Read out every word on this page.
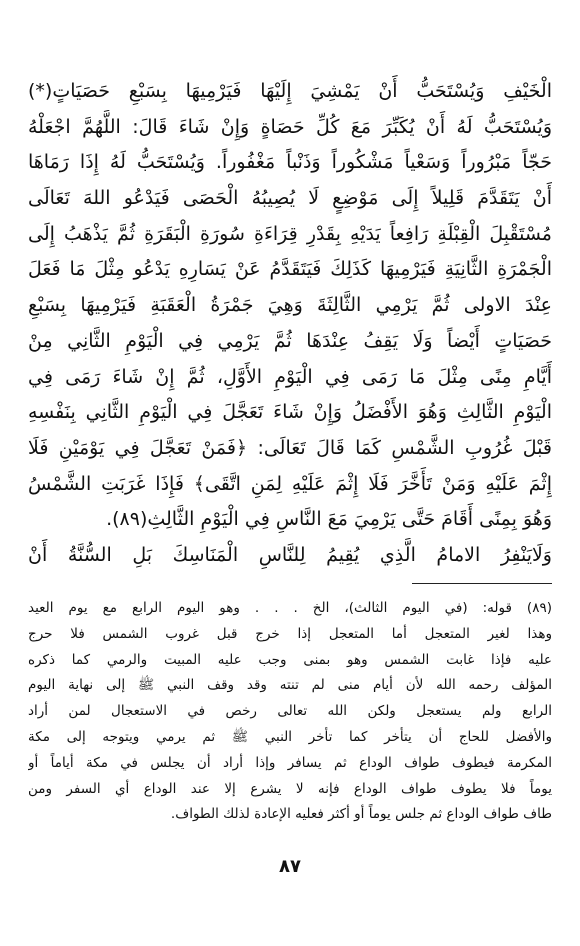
الْخَيْفِ وَيُسْتَحَبُّ أَنْ يَمْشِيَ إِلَيْهَا فَيَرْمِيهَا بِسَبْعِ حَصَيَاتٍ(*)
وَيُسْتَحَبُّ لَهُ أَنْ يُكَبِّرَ مَعَ كُلِّ حَصَاةٍ وَإِنْ شَاءَ قَالَ: اللَّهُمَّ اجْعَلْهُ
حَجّاً مَبْرُوراً وَسَعْياً مَشْكُوراً وَذَنْباً مَغْفُوراً. وَيُسْتَحَبُّ لَهُ إِذَا رَمَاهَا
أَنْ يَتَقَدَّمَ قَلِيلاً إِلَى مَوْضِعٍ لَا يُصِيبُهُ الْحَصَى فَيَدْعُو اللهَ تَعَالَى
مُسْتَقْبِلَ الْقِبْلَةِ رَافِعاً يَدَيْهِ بِقَدْرِ قِرَاءَةِ سُورَةِ الْبَقَرَةِ ثُمَّ يَذْهَبُ إِلَى
الْجَمْرَةِ الثَّانِيَةِ فَيَرْمِيهَا كَذَلِكَ فَيَتَقَدَّمُ عَنْ يَسَارِهِ يَدْعُو مِثْلَ مَا فَعَلَ
عِنْدَ الاولى ثُمَّ يَرْمِي الثَّالِثَةَ وَهِيَ جَمْرَةُ الْعَقَبَةِ فَيَرْمِيهَا بِسَبْعِ
حَصَيَاتٍ أَيْضاً وَلَا يَقِفُ عِنْدَهَا ثُمَّ يَرْمِي فِي الْيَوْمِ الثَّانِي مِنْ
أَيَّامِ مِنًى مِثْلَ مَا رَمَى فِي الْيَوْمِ الأَوَّلِ، ثُمَّ إِنْ شَاءَ رَمَى فِي
الْيَوْمِ الثَّالِثِ وَهُوَ الأَفْضَلُ وَإِنْ شَاءَ تَعَجَّلَ فِي الْيَوْمِ الثَّانِي بِنَفْسِهِ
قَبْلَ غُرُوبِ الشَّمْسِ كَمَا قَالَ تَعَالَى: ﴿فَمَنْ تَعَجَّلَ فِي يَوْمَيْنِ فَلَا
إِثْمَ عَلَيْهِ وَمَنْ تَأَخَّرَ فَلَا إِثْمَ عَلَيْهِ لِمَنِ اتَّقَى﴾ فَإِذَا غَرَبَتِ الشَّمْسُ
وَهُوَ بِمِنًى أَقَامَ حَتَّى يَرْمِيَ مَعَ النَّاسِ فِي الْيَوْمِ الثَّالِثِ(٨٩).
وَلَايَنْفِرُ الامامُ الَّذِي يُقِيمُ لِلنَّاسِ الْمَنَاسِكَ بَلِ السُّنَّةُ أَنْ
(٨٩) قوله: (في اليوم الثالث)، الخ . . . وهو اليوم الرابع مع يوم العيد
وهذا لغير المتعجل أما المتعجل إذا خرج قبل غروب الشمس فلا حرج
عليه فإذا غابت الشمس وهو بمنى وجب عليه المبيت والرمي كما ذكره
المؤلف رحمه الله لأن أيام منى لم تنته وقد وقف النبي ﷺ إلى نهاية اليوم
الرابع ولم يستعجل ولكن الله تعالى رخص في الاستعجال لمن أراد
والأفضل للحاج أن يتأخر كما تأخر النبي ﷺ ثم يرمي ويتوجه إلى مكة
المكرمة فيطوف طواف الوداع ثم يسافر وإذا أراد أن يجلس في مكة أياماً أو
يوماً فلا يطوف طواف الوداع فإنه لا يشرع إلا عند الوداع أي السفر ومن
طاف طواف الوداع ثم جلس يوماً أو أكثر فعليه الإعادة لذلك الطواف.
٨٧
